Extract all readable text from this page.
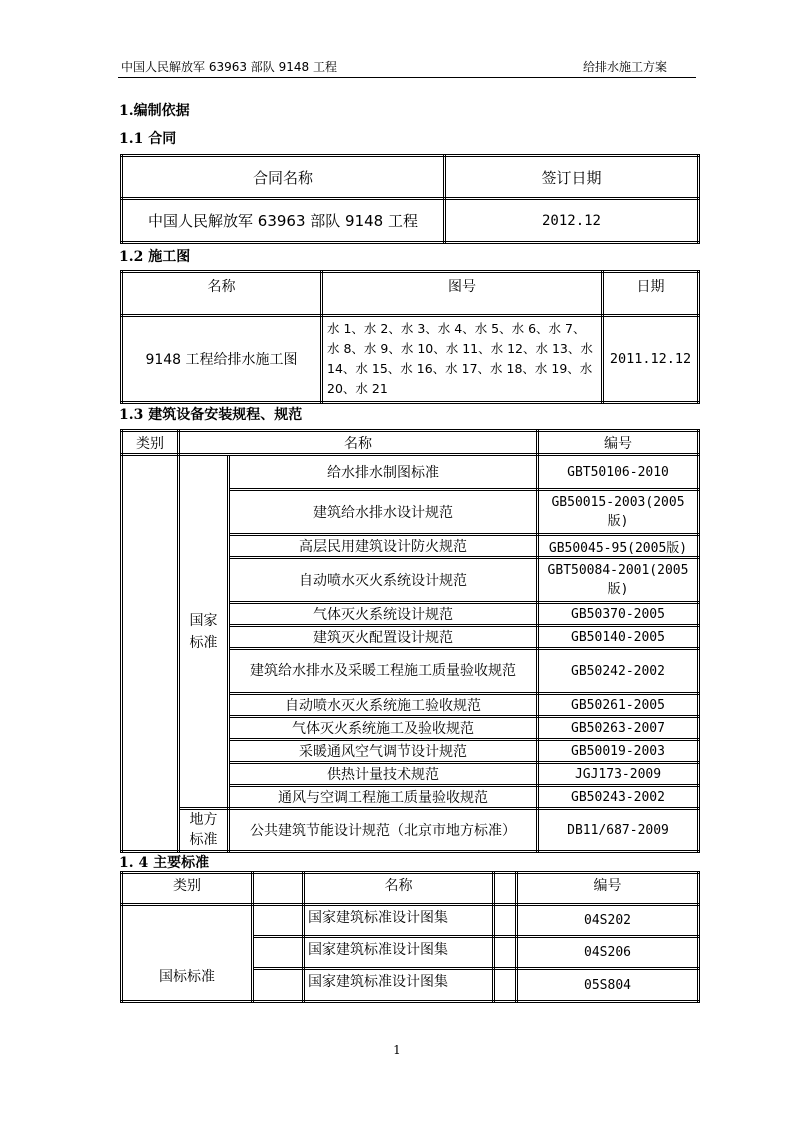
中国人民解放军 63963 部队 9148 工程	给排水施工方案
1.编制依据
1.1 合同
合同名称	签订日期
中国人民解放军 63963 部队 9148 工程	2012.12
1.2 施工图
名称	图号	日期
9148 工程给排水施工图	水 1、水 2、水 3、水 4、水 5、水 6、水 7、水 8、水 9、水 10、水 11、水 12、水 13、水 14、水 15、水 16、水 17、水 18、水 19、水 20、水 21	2011.12.12
1.3 建筑设备安装规程、规范
类别	名称		编号
	国家标准	给水排水制图标准	GBT50106-2010
		建筑给水排水设计规范	GB50015-2003(2005版)
		高层民用建筑设计防火规范	GB50045-95(2005版)
		自动喷水灭火系统设计规范	GBT50084-2001(2005版)
		气体灭火系统设计规范	GB50370-2005
		建筑灭火配置设计规范	GB50140-2005
		建筑给水排水及采暖工程施工质量验收规范	GB50242-2002
		自动喷水灭火系统施工验收规范	GB50261-2005
		气体灭火系统施工及验收规范	GB50263-2007
		采暖通风空气调节设计规范	GB50019-2003
		供热计量技术规范	JGJ173-2009
		通风与空调工程施工质量验收规范	GB50243-2002
	地方标准	公共建筑节能设计规范（北京市地方标准）	DB11/687-2009
1. 4 主要标准
类别		名称		编号
国标标准		国家建筑标准设计图集		04S202
		国家建筑标准设计图集		04S206
		国家建筑标准设计图集		05S804
1
